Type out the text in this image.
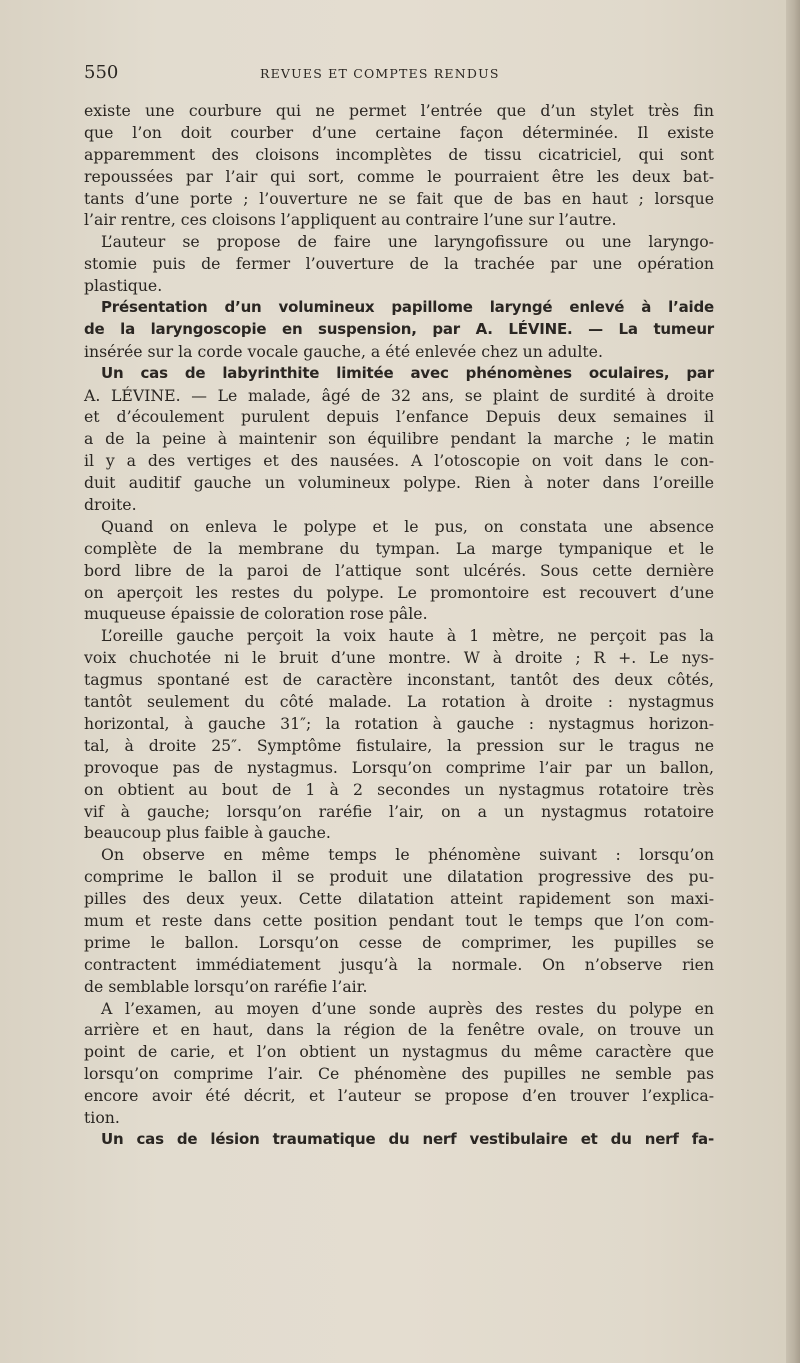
550	REVUES ET COMPTES RENDUS
existe une courbure qui ne permet l’entrée que d’un stylet très fin
que l’on doit courber d’une certaine façon déterminée. Il existe
apparemment des cloisons incomplètes de tissu cicatriciel, qui sont
repoussées par l’air qui sort, comme le pourraient être les deux bat-
tants d’une porte ; l’ouverture ne se fait que de bas en haut ; lorsque
l’air rentre, ces cloisons l’appliquent au contraire l’une sur l’autre.
L’auteur se propose de faire une laryngofissure ou une laryngo-
stomie puis de fermer l’ouverture de la trachée par une opération
plastique.
Présentation d’un volumineux papillome laryngé enlevé à l’aide
de la laryngoscopie en suspension, par A. LÉVINE. — La tumeur
insérée sur la corde vocale gauche, a été enlevée chez un adulte.
Un cas de labyrinthite limitée avec phénomènes oculaires, par
A. LÉVINE. — Le malade, âgé de 32 ans, se plaint de surdité à droite
et d’écoulement purulent depuis l’enfance Depuis deux semaines il
a de la peine à maintenir son équilibre pendant la marche ; le matin
il y a des vertiges et des nausées. A l’otoscopie on voit dans le con-
duit auditif gauche un volumineux polype. Rien à noter dans l’oreille
droite.
Quand on enleva le polype et le pus, on constata une absence
complète de la membrane du tympan. La marge tympanique et le
bord libre de la paroi de l’attique sont ulcérés. Sous cette dernière
on aperçoit les restes du polype. Le promontoire est recouvert d’une
muqueuse épaissie de coloration rose pâle.
L’oreille gauche perçoit la voix haute à 1 mètre, ne perçoit pas la
voix chuchotée ni le bruit d’une montre. W à droite ; R +. Le nys-
tagmus spontané est de caractère inconstant, tantôt des deux côtés,
tantôt seulement du côté malade. La rotation à droite : nystagmus
horizontal, à gauche 31″; la rotation à gauche : nystagmus horizon-
tal, à droite 25″. Symptôme fistulaire, la pression sur le tragus ne
provoque pas de nystagmus. Lorsqu’on comprime l’air par un ballon,
on obtient au bout de 1 à 2 secondes un nystagmus rotatoire très
vif à gauche; lorsqu’on raréfie l’air, on a un nystagmus rotatoire
beaucoup plus faible à gauche.
On observe en même temps le phénomène suivant : lorsqu’on
comprime le ballon il se produit une dilatation progressive des pu-
pilles des deux yeux. Cette dilatation atteint rapidement son maxi-
mum et reste dans cette position pendant tout le temps que l’on com-
prime le ballon. Lorsqu’on cesse de comprimer, les pupilles se
contractent immédiatement jusqu’à la normale. On n’observe rien
de semblable lorsqu’on raréfie l’air.
A l’examen, au moyen d’une sonde auprès des restes du polype en
arrière et en haut, dans la région de la fenêtre ovale, on trouve un
point de carie, et l’on obtient un nystagmus du même caractère que
lorsqu’on comprime l’air. Ce phénomène des pupilles ne semble pas
encore avoir été décrit, et l’auteur se propose d’en trouver l’explica-
tion.
Un cas de lésion traumatique du nerf vestibulaire et du nerf fa-
